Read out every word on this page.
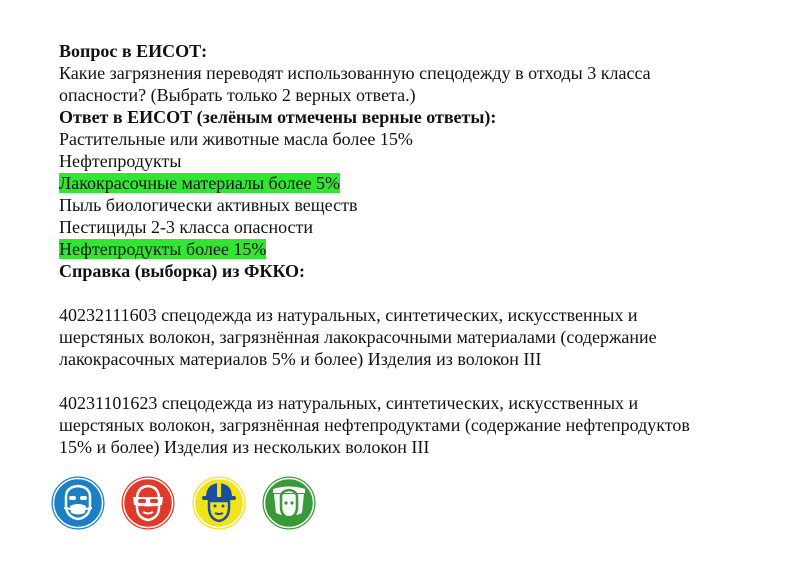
Вопрос в ЕИСОТ:
Какие загрязнения переводят использованную спецодежду в отходы 3 класса
опасности? (Выбрать только 2 верных ответа.)
Ответ в ЕИСОТ (зелёным отмечены верные ответы):
Растительные или животные масла более 15%
Нефтепродукты
Лакокрасочные материалы более 5%
Пыль биологически активных веществ
Пестициды 2-3 класса опасности
Нефтепродукты более 15%
Справка (выборка) из ФККО:
40232111603 спецодежда из натуральных, синтетических, искусственных и
шерстяных волокон, загрязнённая лакокрасочными материалами (содержание
лакокрасочных материалов 5% и более) Изделия из волокон III
40231101623 спецодежда из натуральных, синтетических, искусственных и
шерстяных волокон, загрязнённая нефтепродуктами (содержание нефтепродуктов
15% и более) Изделия из нескольких волокон III
